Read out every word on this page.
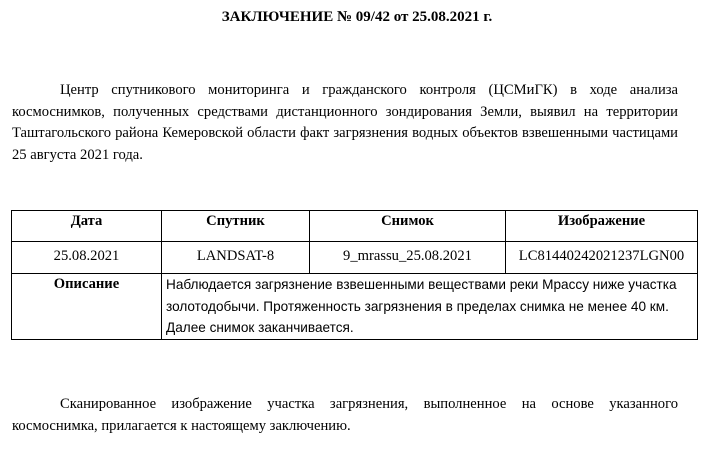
ЗАКЛЮЧЕНИЕ № 09/42 от 25.08.2021 г.
Центр спутникового мониторинга и гражданского контроля (ЦСМиГК) в ходе анализа космоснимков, полученных средствами дистанционного зондирования Земли, выявил на территории Таштагольского района Кемеровской области факт загрязнения водных объектов взвешенными частицами 25 августа 2021 года.
Дата	Спутник	Снимок	Изображение
25.08.2021	LANDSAT-8	9_mrassu_25.08.2021	LC81440242021237LGN00
Описание	Наблюдается загрязнение взвешенными веществами реки Мрассу ниже участка золотодобычи. Протяженность загрязнения в пределах снимка не менее 40 км. Далее снимок заканчивается.		
Сканированное изображение участка загрязнения, выполненное на основе указанного космоснимка, прилагается к настоящему заключению.
